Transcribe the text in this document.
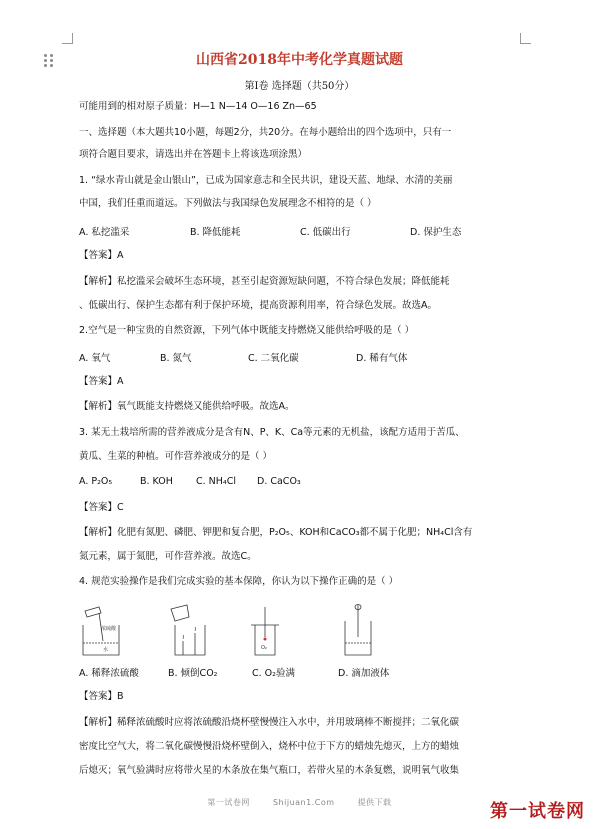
山西省2018年中考化学真题试题
第Ⅰ卷 选择题（共50分）
可能用到的相对原子质量：H—1 N—14 O—16 Zn—65
一、选择题（本大题共10小题，每题2分，共20分。在每小题给出的四个选项中，只有一
项符合题目要求，请选出并在答题卡上将该选项涂黑）
1. “绿水青山就是金山银山”，已成为国家意志和全民共识，建设天蓝、地绿、水清的美丽
中国，我们任重而道远。下列做法与我国绿色发展理念不相符的是（ ）
A. 私挖滥采	B. 降低能耗	C. 低碳出行	D. 保护生态
【答案】A
【解析】私挖滥采会破坏生态环境，甚至引起资源短缺问题，不符合绿色发展；降低能耗
、低碳出行、保护生态都有利于保护环境，提高资源利用率，符合绿色发展。故选A。
2.空气是一种宝贵的自然资源，下列气体中既能支持燃烧又能供给呼吸的是（ ）
A. 氧气	B. 氮气	C. 二氧化碳	D. 稀有气体
【答案】A
【解析】氧气既能支持燃烧又能供给呼吸。故选A。
3. 某无土栽培所需的营养液成分是含有N、P、K、Ca等元素的无机盐，该配方适用于苦瓜、
黄瓜、生菜的种植。可作营养液成分的是（ ）
A. P₂O₅	B. KOH C. NH₄Cl D. CaCO₃
【答案】C
【解析】化肥有氮肥、磷肥、钾肥和复合肥，P₂O₅、KOH和CaCO₃都不属于化肥；NH₄Cl含有
氮元素，属于氮肥，可作营养液。故选C。
4. 规范实验操作是我们完成实验的基本保障，你认为以下操作正确的是（ ）
浓硫酸
水	O₂
A. 稀释浓硫酸	B. 倾倒CO₂	C. O₂验满	D. 滴加液体
【答案】B
【解析】稀释浓硫酸时应将浓硫酸沿烧杯壁慢慢注入水中，并用玻璃棒不断搅拌；二氧化碳
密度比空气大，将二氧化碳慢慢沿烧杯壁倒入，烧杯中位于下方的蜡烛先熄灭，上方的蜡烛
后熄灭；氧气验满时应将带火星的木条放在集气瓶口，若带火星的木条复燃，说明氧气收集
第一试卷网	Shijuan1.Com	提供下载	第一试卷网
